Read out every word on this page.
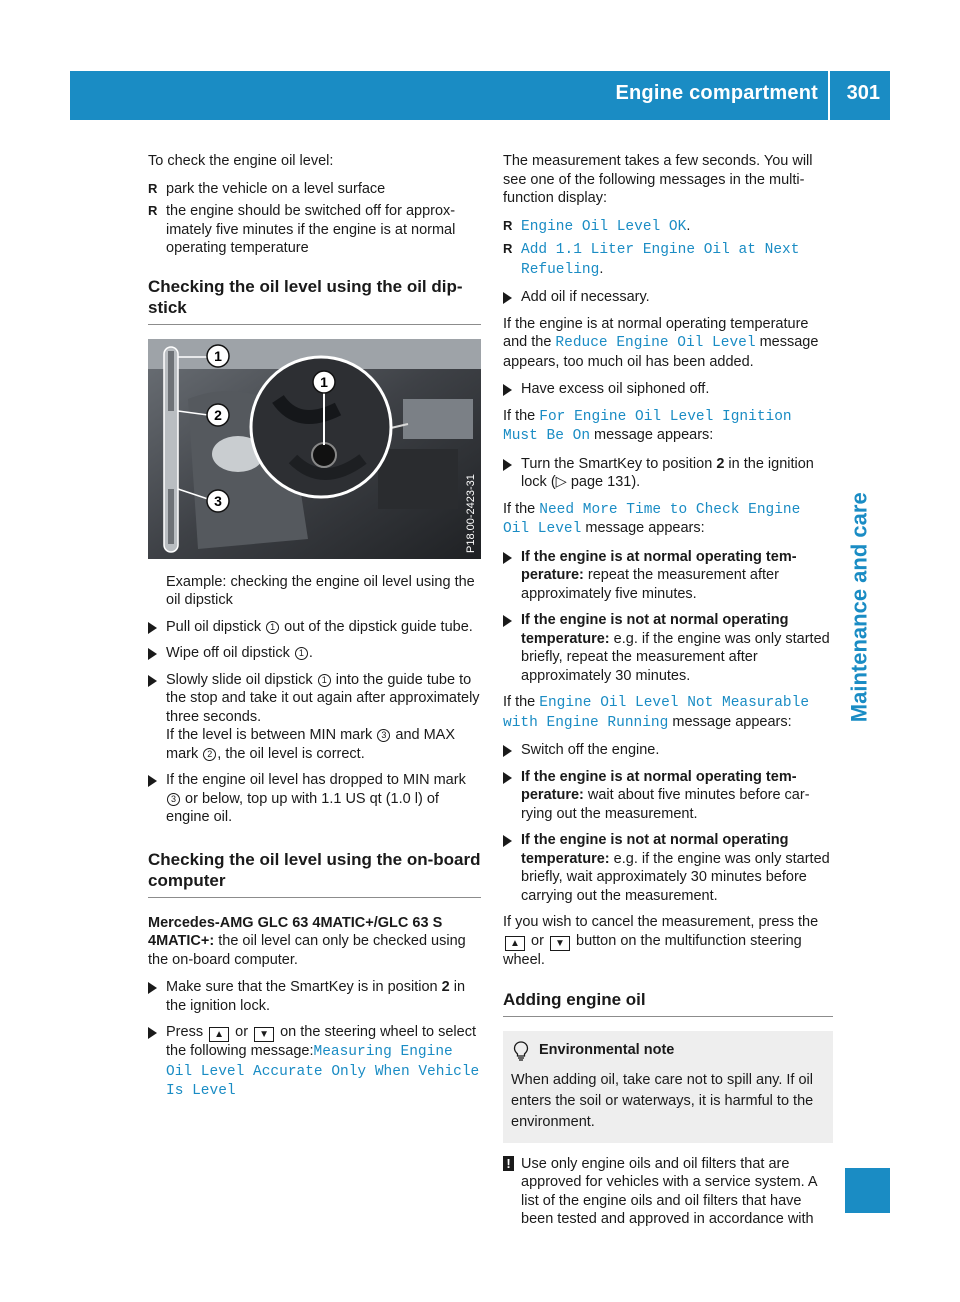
Engine compartment 301
Maintenance and care

To check the engine oil level:

R park the vehicle on a level surface
R the engine should be switched off for approximately five minutes if the engine is at normal operating temperature
Checking the oil level using the oil dipstick
1
1
2
3	P18.00-2423-31

Example: checking the engine oil level using the oil dipstick

Pull oil dipstick 1 out of the dipstick guide tube.
Wipe off oil dipstick 1 .
Slowly slide oil dipstick 1 into the guide tube to the stop and take it out again after approximately three seconds.
If the level is between MIN mark 3 and MAX mark 2 , the oil level is correct.
If the engine oil level has dropped to MIN mark 3 or below, top up with 1.1 US qt (1.0 l) of engine oil.
Checking the oil level using the on-board computer

Mercedes-AMG GLC 63 4MATIC+/GLC 63 S 4MATIC+: the oil level can only be checked using the on-board computer.

Make sure that the SmartKey is in position 2 in the ignition lock.
Press ▲ or ▼ on the steering wheel to select the following message:Measuring Engine Oil Level Accurate Only When Vehicle Is Level

The measurement takes a few seconds. You will see one of the following messages in the multifunction display:

R Engine Oil Level OK.
R Add 1.1 Liter Engine Oil at Next Refueling.
Add oil if necessary.

If the engine is at normal operating temperature and the Reduce Engine Oil Level message appears, too much oil has been added.

Have excess oil siphoned off.

If the For Engine Oil Level Ignition Must Be On message appears:

Turn the SmartKey to position 2 in the ignition lock (▷ page 131).

If the Need More Time to Check Engine Oil Level message appears:

If the engine is at normal operating temperature: repeat the measurement after approximately five minutes.
If the engine is not at normal operating temperature: e.g. if the engine was only started briefly, repeat the measurement after approximately 30 minutes.

If the Engine Oil Level Not Measurable with Engine Running message appears:

Switch off the engine.
If the engine is at normal operating temperature: wait about five minutes before carrying out the measurement.
If the engine is not at normal operating temperature: e.g. if the engine was only started briefly, wait approximately 30 minutes before carrying out the measurement.

If you wish to cancel the measurement, press the ▲ or ▼ button on the multifunction steering wheel.

Adding engine oil
Environmental note
When adding oil, take care not to spill any. If oil enters the soil or waterways, it is harmful to the environment.
! Use only engine oils and oil filters that are approved for vehicles with a service system. A list of the engine oils and oil filters that have been tested and approved in accordance with
